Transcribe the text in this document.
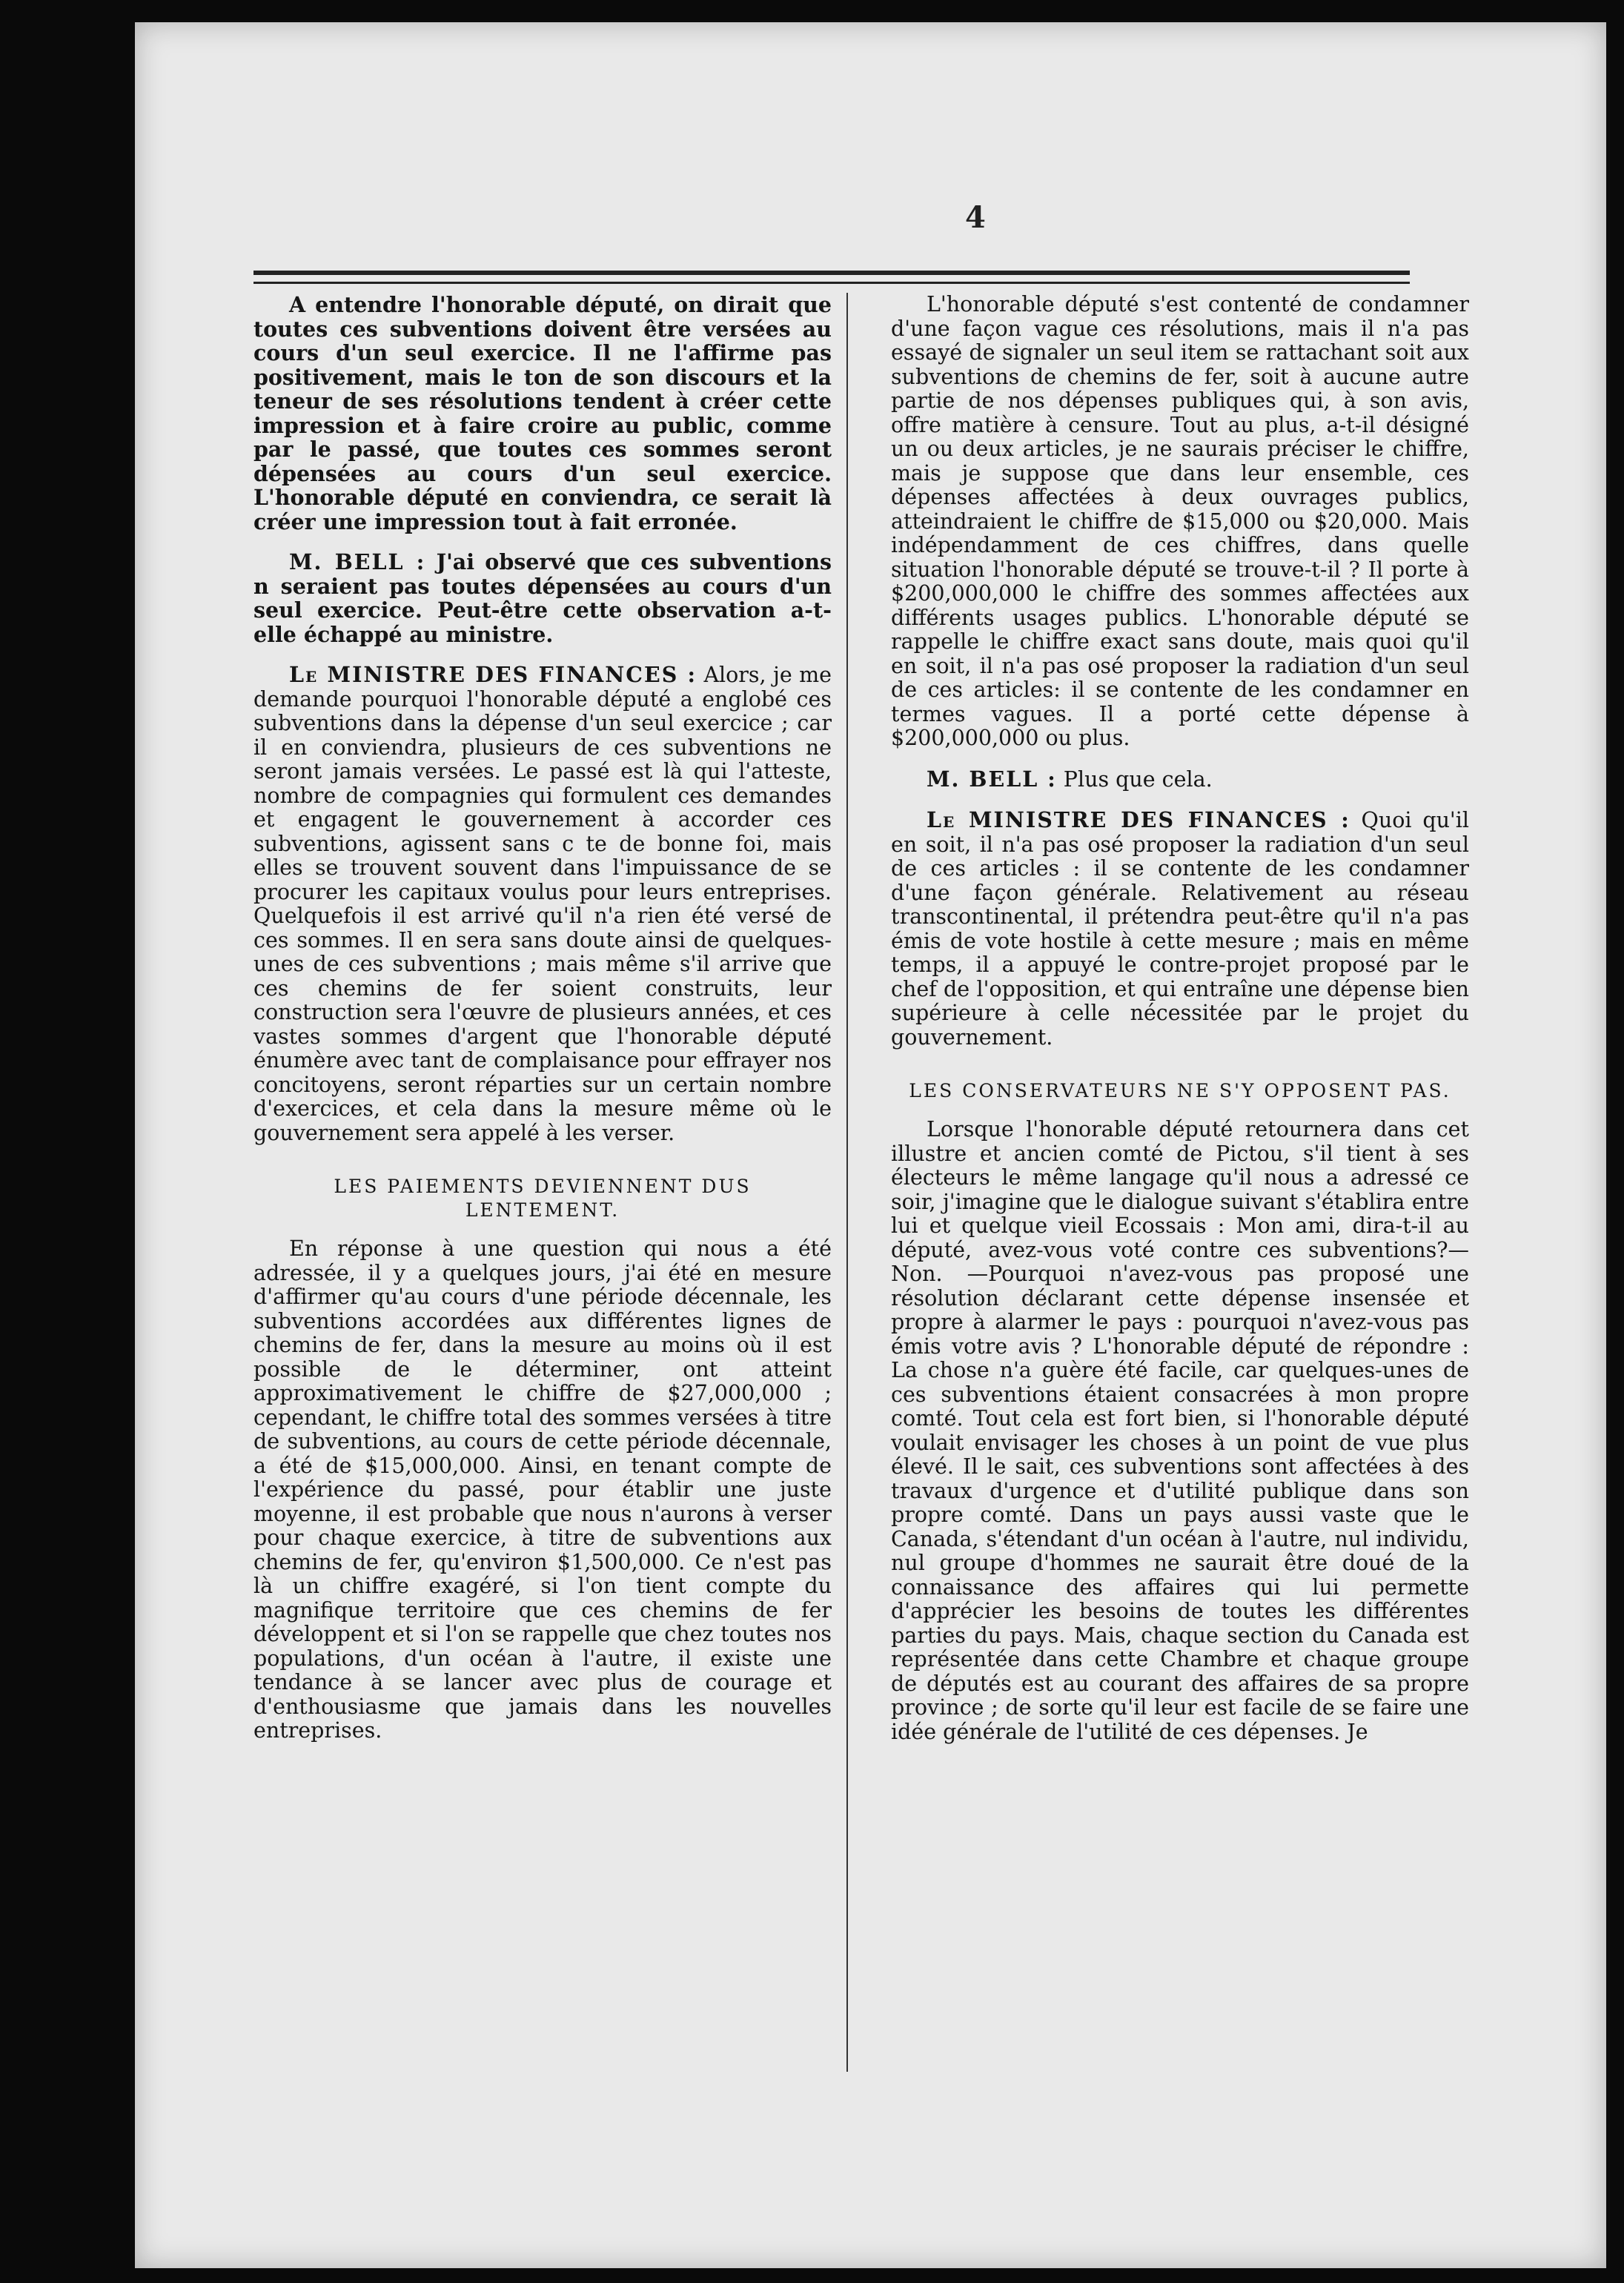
4

A entendre l'honorable député, on dirait que toutes ces subventions doivent être versées au cours d'un seul exercice. Il ne l'affirme pas positivement, mais le ton de son discours et la teneur de ses résolutions tendent à créer cette impression et à faire croire au public, comme par le passé, que toutes ces sommes seront dépensées au cours d'un seul exercice. L'honorable député en conviendra, ce serait là créer une impression tout à fait erronée.

M. BELL : J'ai observé que ces subventions n seraient pas toutes dépensées au cours d'un seul exercice. Peut-être cette observation a-t-elle échappé au ministre.

Le MINISTRE DES FINANCES : Alors, je me demande pourquoi l'honorable député a englobé ces subventions dans la dépense d'un seul exercice ; car il en conviendra, plusieurs de ces subventions ne seront jamais versées. Le passé est là qui l'atteste, nombre de compagnies qui formulent ces demandes et engagent le gouvernement à accorder ces subventions, agissent sans c te de bonne foi, mais elles se trouvent souvent dans l'impuissance de se procurer les capitaux voulus pour leurs entreprises. Quelquefois il est arrivé qu'il n'a rien été versé de ces sommes. Il en sera sans doute ainsi de quelques-unes de ces subventions ; mais même s'il arrive que ces chemins de fer soient construits, leur construction sera l'œuvre de plusieurs années, et ces vastes sommes d'argent que l'honorable député énumère avec tant de complaisance pour effrayer nos concitoyens, seront réparties sur un certain nombre d'exercices, et cela dans la mesure même où le gouvernement sera appelé à les verser.

LES PAIEMENTS DEVIENNENT DUS LENTEMENT.

En réponse à une question qui nous a été adressée, il y a quelques jours, j'ai été en mesure d'affirmer qu'au cours d'une période décennale, les subventions accordées aux différentes lignes de chemins de fer, dans la mesure au moins où il est possible de le déterminer, ont atteint approximativement le chiffre de $27,000,000 ; cependant, le chiffre total des sommes versées à titre de subventions, au cours de cette période décennale, a été de $15,000,000. Ainsi, en tenant compte de l'expérience du passé, pour établir une juste moyenne, il est probable que nous n'aurons à verser pour chaque exercice, à titre de subventions aux chemins de fer, qu'environ $1,500,000. Ce n'est pas là un chiffre exagéré, si l'on tient compte du magnifique territoire que ces chemins de fer développent et si l'on se rappelle que chez toutes nos populations, d'un océan à l'autre, il existe une tendance à se lancer avec plus de courage et d'enthousiasme que jamais dans les nouvelles entreprises.

L'honorable député s'est contenté de condamner d'une façon vague ces résolutions, mais il n'a pas essayé de signaler un seul item se rattachant soit aux subventions de chemins de fer, soit à aucune autre partie de nos dépenses publiques qui, à son avis, offre matière à censure. Tout au plus, a-t-il désigné un ou deux articles, je ne saurais préciser le chiffre, mais je suppose que dans leur ensemble, ces dépenses affectées à deux ouvrages publics, atteindraient le chiffre de $15,000 ou $20,000. Mais indépendamment de ces chiffres, dans quelle situation l'honorable député se trouve-t-il ? Il porte à $200,000,000 le chiffre des sommes affectées aux différents usages publics. L'honorable député se rappelle le chiffre exact sans doute, mais quoi qu'il en soit, il n'a pas osé proposer la radiation d'un seul de ces articles: il se contente de les condamner en termes vagues. Il a porté cette dépense à $200,000,000 ou plus.

M. BELL : Plus que cela.

Le MINISTRE DES FINANCES : Quoi qu'il en soit, il n'a pas osé proposer la radiation d'un seul de ces articles : il se contente de les condamner d'une façon générale. Relativement au réseau transcontinental, il prétendra peut-être qu'il n'a pas émis de vote hostile à cette mesure ; mais en même temps, il a appuyé le contre-projet proposé par le chef de l'opposition, et qui entraîne une dépense bien supérieure à celle nécessitée par le projet du gouvernement.

LES CONSERVATEURS NE S'Y OPPOSENT PAS.

Lorsque l'honorable député retournera dans cet illustre et ancien comté de Pictou, s'il tient à ses électeurs le même langage qu'il nous a adressé ce soir, j'imagine que le dialogue suivant s'établira entre lui et quelque vieil Ecossais : Mon ami, dira-t-il au député, avez-vous voté contre ces subventions?—Non. —Pourquoi n'avez-vous pas proposé une résolution déclarant cette dépense insensée et propre à alarmer le pays : pourquoi n'avez-vous pas émis votre avis ? L'honorable député de répondre : La chose n'a guère été facile, car quelques-unes de ces subventions étaient consacrées à mon propre comté. Tout cela est fort bien, si l'honorable député voulait envisager les choses à un point de vue plus élevé. Il le sait, ces subventions sont affectées à des travaux d'urgence et d'utilité publique dans son propre comté. Dans un pays aussi vaste que le Canada, s'étendant d'un océan à l'autre, nul individu, nul groupe d'hommes ne saurait être doué de la connaissance des affaires qui lui permette d'apprécier les besoins de toutes les différentes parties du pays. Mais, chaque section du Canada est représentée dans cette Chambre et chaque groupe de députés est au courant des affaires de sa propre province ; de sorte qu'il leur est facile de se faire une idée générale de l'utilité de ces dépenses. Je
